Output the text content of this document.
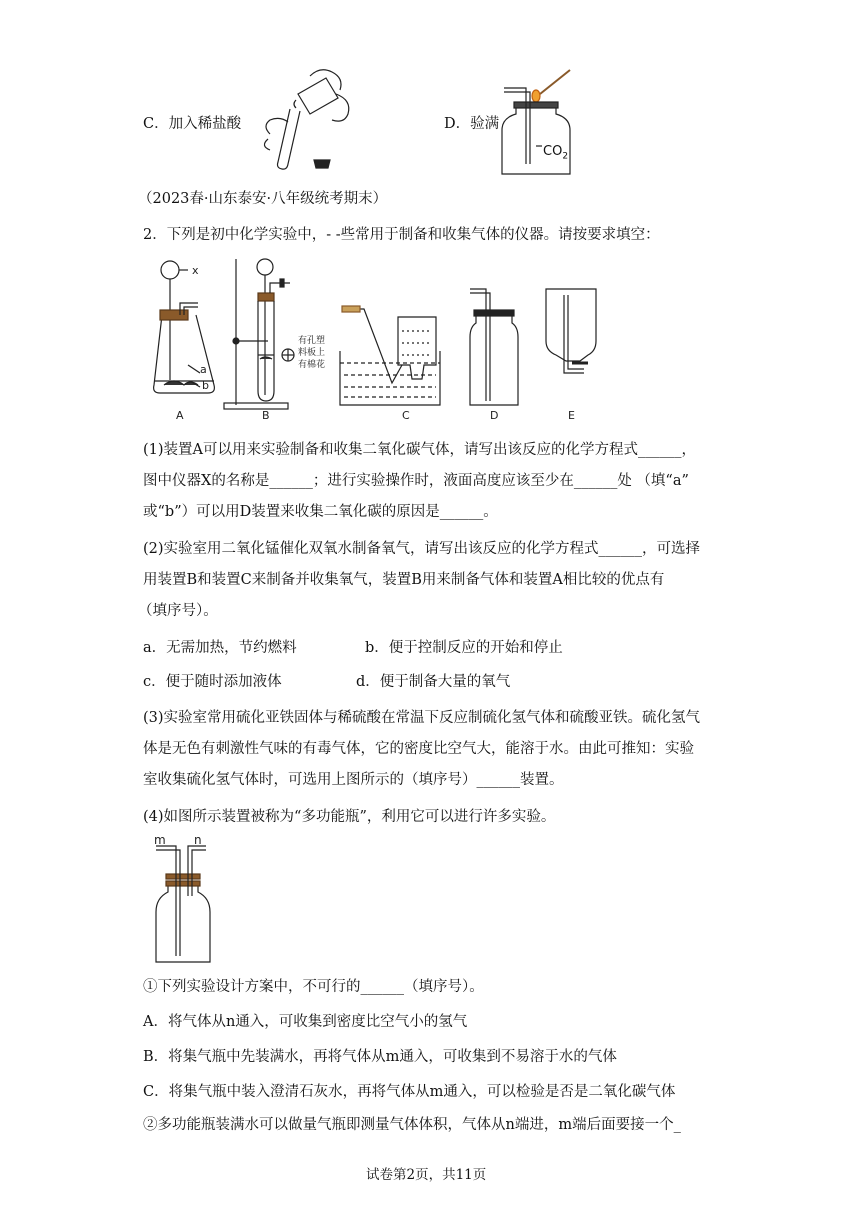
C．加入稀盐酸	D．验满
$CO_2$
（2023春·山东泰安·八年级统考期末）
2．下列是初中化学实验中，- -些常用于制备和收集气体的仪器。请按要求填空：
x
a
b
有孔塑
料板上
有棉花
A	B	C	D	E
(1)装置A可以用来实验制备和收集二氧化碳气体，请写出该反应的化学方程式______，
图中仪器X的名称是______；进行实验操作时，液面高度应该至少在______处 （填“a”
或“b”）可以用D装置来收集二氧化碳的原因是______。
(2)实验室用二氧化锰催化双氧水制备氧气，请写出该反应的化学方程式______，可选择
用装置B和装置C来制备并收集氧气，装置B用来制备气体和装置A相比较的优点有
（填序号）。
a．无需加热，节约燃料	b．便于控制反应的开始和停止
c．便于随时添加液体	d．便于制备大量的氧气
(3)实验室常用硫化亚铁固体与稀硫酸在常温下反应制硫化氢气体和硫酸亚铁。硫化氢气
体是无色有刺激性气味的有毒气体，它的密度比空气大，能溶于水。由此可推知：实验
室收集硫化氢气体时，可选用上图所示的（填序号）______装置。
(4)如图所示装置被称为“多功能瓶”，利用它可以进行许多实验。
m n
①下列实验设计方案中，不可行的______（填序号）。
A．将气体从n通入，可收集到密度比空气小的氢气
B．将集气瓶中先装满水，再将气体从m通入，可收集到不易溶于水的气体
C．将集气瓶中装入澄清石灰水，再将气体从m通入，可以检验是否是二氧化碳气体
②多功能瓶装满水可以做量气瓶即测量气体体积，气体从n端进，m端后面要接一个_
试卷第2页，共11页
